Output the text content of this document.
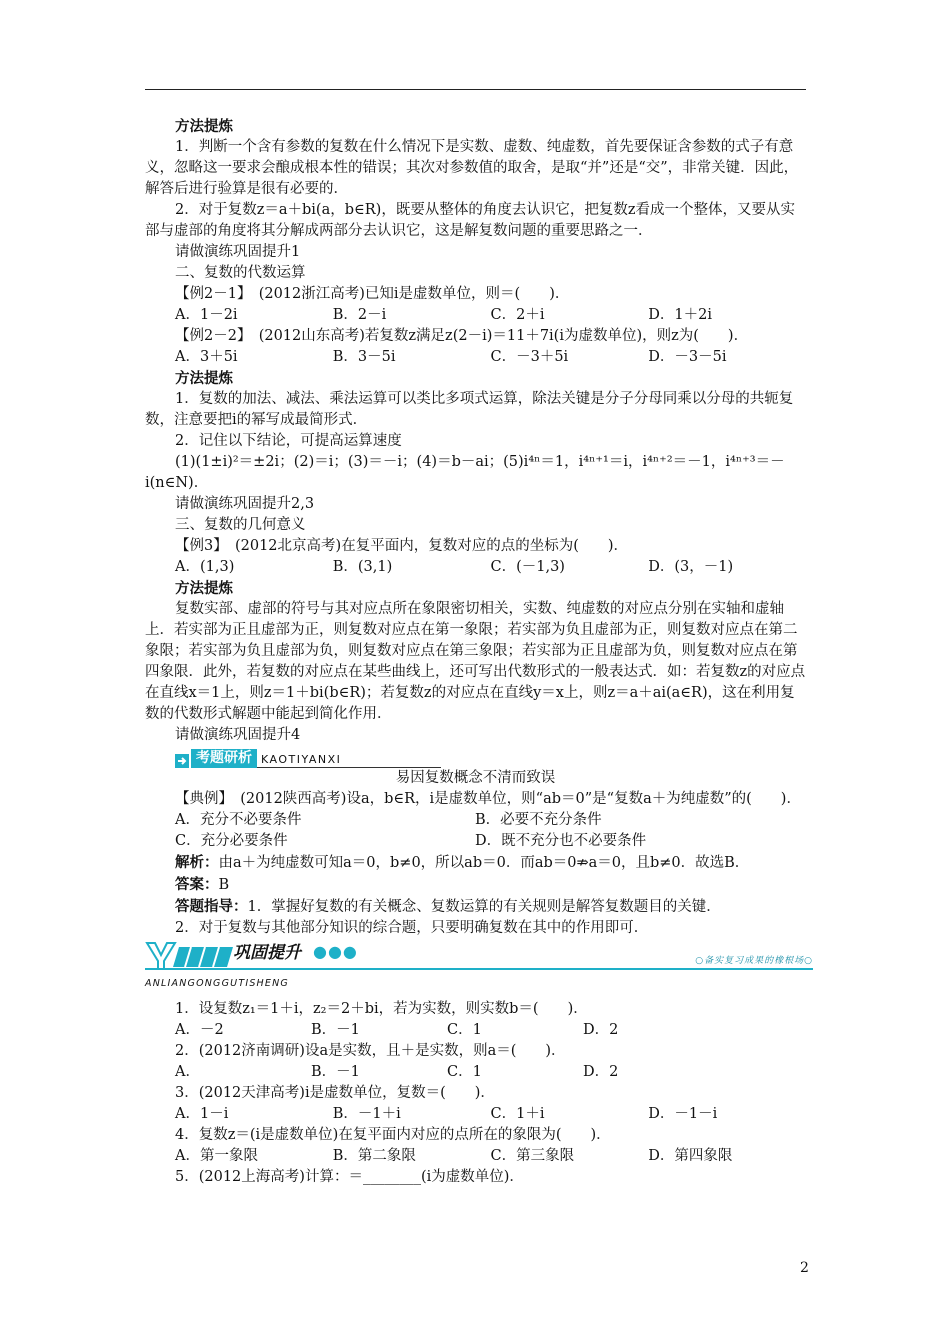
方法提炼

1．判断一个含有参数的复数在什么情况下是实数、虚数、纯虚数，首先要保证含参数的式子有意义，忽略这一要求会酿成根本性的错误；其次对参数值的取舍，是取“并”还是“交”，非常关键．因此，解答后进行验算是很有必要的．

2．对于复数z＝a＋bi(a，b∈R)，既要从整体的角度去认识它，把复数z看成一个整体，又要从实部与虚部的角度将其分解成两部分去认识它，这是解复数问题的重要思路之一．

请做演练巩固提升1

二、复数的代数运算

【例2－1】　(2012浙江高考)已知i是虚数单位，则＝(　　)．

A．1－2i	B．2－i	C．2＋i	D．1＋2i

【例2－2】　(2012山东高考)若复数z满足z(2－i)＝11＋7i(i为虚数单位)，则z为(　　)．

A．3＋5i	B．3－5i	C．－3＋5i	D．－3－5i

方法提炼

1．复数的加法、减法、乘法运算可以类比多项式运算，除法关键是分子分母同乘以分母的共轭复数，注意要把i的幂写成最简形式．

2．记住以下结论，可提高运算速度

(1)(1±i)²＝±2i；(2)＝i；(3)＝－i；(4)＝b－ai；(5)i⁴ⁿ＝1，i⁴ⁿ⁺¹＝i，i⁴ⁿ⁺²＝－1，i⁴ⁿ⁺³＝－i(n∈N)．

请做演练巩固提升2,3

三、复数的几何意义

【例3】　(2012北京高考)在复平面内，复数对应的点的坐标为(　　)．

A．(1,3)	B．(3,1)	C．(－1,3)	D．(3，－1)

方法提炼

复数实部、虚部的符号与其对应点所在象限密切相关，实数、纯虚数的对应点分别在实轴和虚轴上．若实部为正且虚部为正，则复数对应点在第一象限；若实部为负且虚部为正，则复数对应点在第二象限；若实部为负且虚部为负，则复数对应点在第三象限；若实部为正且虚部为负，则复数对应点在第四象限．此外，若复数的对应点在某些曲线上，还可写出代数形式的一般表达式．如：若复数z的对应点在直线x＝1上，则z＝1＋bi(b∈R)；若复数z的对应点在直线y＝x上，则z＝a＋ai(a∈R)，这在利用复数的代数形式解题中能起到简化作用．

请做演练巩固提升4

考题研析 KAOTIYANXI

易因复数概念不清而致误

【典例】　(2012陕西高考)设a，b∈R，i是虚数单位，则“ab＝0”是“复数a＋为纯虚数”的(　　)．

A．充分不必要条件	B．必要不充分条件
C．充分必要条件	D．既不充分也不必要条件

解析：由a＋为纯虚数可知a＝0，b≠0，所以ab＝0．而ab＝0⇏a＝0，且b≠0．故选B．

答案：B

答题指导：1．掌握好复数的有关概念、复数运算的有关规则是解答复数题目的关键．

2．对于复数与其他部分知识的综合题，只要明确复数在其中的作用即可．

巩固提升 ●●●
ANLIANGONGGUTISHENG
○备实复习成果的橡根场○

1．设复数z₁＝1＋i，z₂＝2＋bi，若为实数，则实数b＝(　　)．

A．－2	B．－1	C．1	D．2

2．(2012济南调研)设a是实数，且＋是实数，则a＝(　　)．

A．	B．－1	C．1	D．2

3．(2012天津高考)i是虚数单位，复数＝(　　)．

A．1－i	B．－1＋i	C．1＋i	D．－1－i

4．复数z＝(i是虚数单位)在复平面内对应的点所在的象限为(　　)．

A．第一象限	B．第二象限	C．第三象限	D．第四象限

5．(2012上海高考)计算：＝________(i为虚数单位)．

2
